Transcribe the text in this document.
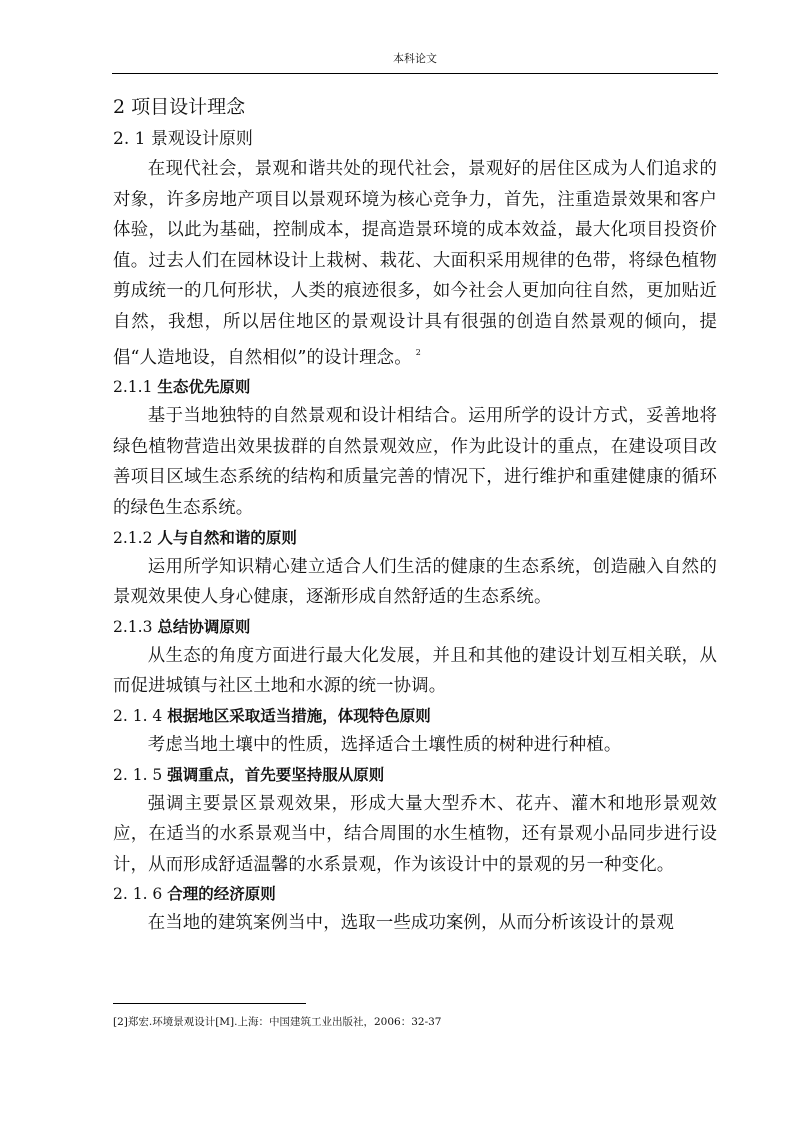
本科论文
2 项目设计理念
2. 1 景观设计原则

在现代社会，景观和谐共处的现代社会，景观好的居住区成为人们追求的对象，许多房地产项目以景观环境为核心竞争力，首先，注重造景效果和客户体验，以此为基础，控制成本，提高造景环境的成本效益，最大化项目投资价值。过去人们在园林设计上栽树、栽花、大面积采用规律的色带，将绿色植物剪成统一的几何形状，人类的痕迹很多，如今社会人更加向往自然，更加贴近自然，我想，所以居住地区的景观设计具有很强的创造自然景观的倾向，提倡“人造地设，自然相似”的设计理念。 $^2$

2.1.1 生态优先原则

基于当地独特的自然景观和设计相结合。运用所学的设计方式，妥善地将绿色植物营造出效果拔群的自然景观效应，作为此设计的重点，在建设项目改善项目区域生态系统的结构和质量完善的情况下，进行维护和重建健康的循环的绿色生态系统。

2.1.2 人与自然和谐的原则

运用所学知识精心建立适合人们生活的健康的生态系统，创造融入自然的景观效果使人身心健康，逐渐形成自然舒适的生态系统。

2.1.3 总结协调原则

从生态的角度方面进行最大化发展，并且和其他的建设计划互相关联，从而促进城镇与社区土地和水源的统一协调。

2. 1. 4 根据地区采取适当措施，体现特色原则

考虑当地土壤中的性质，选择适合土壤性质的树种进行种植。

2. 1. 5 强调重点，首先要坚持服从原则

强调主要景区景观效果，形成大量大型乔木、花卉、灌木和地形景观效应，在适当的水系景观当中，结合周围的水生植物，还有景观小品同步进行设计，从而形成舒适温馨的水系景观，作为该设计中的景观的另一种变化。

2. 1. 6 合理的经济原则

在当地的建筑案例当中，选取一些成功案例，从而分析该设计的景观

[2]郑宏.环境景观设计[M].上海：中国建筑工业出版社，2006：32-37
